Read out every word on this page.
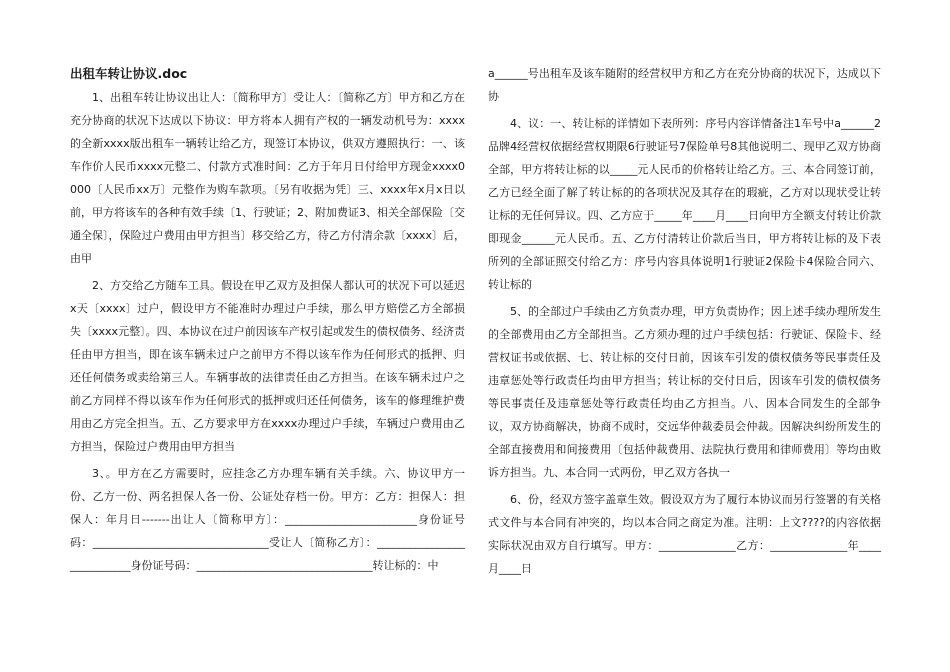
出租车转让协议.doc

1、出租车转让协议出让人：〔简称甲方〕受让人：〔简称乙方〕甲方和乙方在充分协商的状况下达成以下协议：甲方将本人拥有产权的一辆发动机号为：xxxx的全新xxxx版出租车一辆转让给乙方，现签订本协议，供双方遵照执行：一、该车作价人民币xxxx元整二、付款方式准时间：乙方于年月日付给甲方现金xxxx0000〔人民币xx万〕元整作为购车款项。〔另有收据为凭〕三、xxxx年x月x日以前，甲方将该车的各种有效手续〔1、行驶证；2、附加费证3、相关全部保险〔交通全保〕，保险过户费用由甲方担当〕移交给乙方，待乙方付清余款〔xxxx〕后，由甲

2、方交给乙方随车工具。假设在甲乙双方及担保人都认可的状况下可以延迟x天〔xxxx〕过户，假设甲方不能准时办理过户手续，那么甲方赔偿乙方全部损失〔xxxx元整〕。四、本协议在过户前因该车产权引起或发生的债权债务、经济责任由甲方担当，即在该车辆未过户之前甲方不得以该车作为任何形式的抵押、归还任何债务或卖给第三人。车辆事故的法律责任由乙方担当。在该车辆未过户之前乙方同样不得以该车作为任何形式的抵押或归还任何债务，该车的修理维护费用由乙方完全担当。五、乙方要求甲方在xxxx办理过户手续，车辆过户费用由乙方担当，保险过户费用由甲方担当

3、。甲方在乙方需要时，应挂念乙方办理车辆有关手续。六、协议甲方一份、乙方一份、两名担保人各一份、公证处存档一份。甲方：乙方：担保人：担保人：年月日-------出让人〔简称甲方〕：________________________身份证号码：________________________________受让人〔简称乙方〕：___________________________身份证号码：________________________________转让标的：中

a______号出租车及该车随附的经营权甲方和乙方在充分协商的状况下，达成以下协

4、议：一、转让标的详情如下表所列：序号内容详情备注1车号中a______2品牌4经营权依据经营权期限6行驶证号7保险单号8其他说明二、现甲乙双方协商全部，甲方将转让标的以_____元人民币的价格转让给乙方。三、本合同签订前，乙方已经全面了解了转让标的的各项状况及其存在的瑕疵，乙方对以现状受让转让标的无任何异议。四、乙方应于_____年____月____日向甲方全额支付转让价款即现金______元人民币。五、乙方付清转让价款后当日，甲方将转让标的及下表所列的全部证照交付给乙方：序号内容具体说明1行驶证2保险卡4保险合同六、转让标的

5、的全部过户手续由乙方负责办理，甲方负责协作；因上述手续办理所发生的全部费用由乙方全部担当。乙方须办理的过户手续包括：行驶证、保险卡、经营权证书或依据、七、转让标的交付日前，因该车引发的债权债务等民事责任及违章惩处等行政责任均由甲方担当；转让标的交付日后，因该车引发的债权债务等民事责任及违章惩处等行政责任均由乙方担当。八、因本合同发生的全部争议，双方协商解决，协商不成时，交远华仲裁委员会仲裁。因解决纠纷所发生的全部直接费用和间接费用〔包括仲裁费用、法院执行费用和律师费用〕等均由败诉方担当。九、本合同一式两份，甲乙双方各执一

6、份，经双方签字盖章生效。假设双方为了履行本协议而另行签署的有关格式文件与本合同有冲突的，均以本合同之商定为准。注明：上文????的内容依据实际状况由双方自行填写。甲方：______________乙方：______________年____月____日
